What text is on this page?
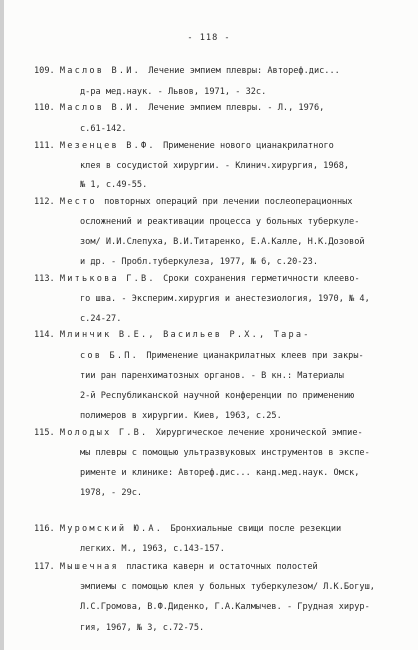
- 118 -
109. Маслов В.И. Лечение эмпием плевры: Автореф.дис...
д-ра мед.наук. - Львов, 1971, - 32с.
110. Маслов В.И. Лечение эмпием плевры. - Л., 1976,
с.61-142.
111. Мезенцев В.Ф. Применение нового цианакрилатного
клея в сосудистой хирургии. - Клинич.хирургия, 1968,
№ 1, с.49-55.
112. Место повторных операций при лечении послеоперационных
осложнений и реактивации процесса у больных туберкуле-
зом/ И.И.Слепуха, В.И.Титаренко, Е.А.Калле, Н.К.Дозовой
и др. - Пробл.туберкулеза, 1977, № 6, с.20-23.
113. Митькова Г.В. Сроки сохранения герметичности клеево-
го шва. - Эксперим.хирургия и анестезиология, 1970, № 4,
с.24-27.
114. Млинчик В.Е., Васильев Р.Х., Тара-
сов Б.П. Применение цианакрилатных клеев при закры-
тии ран паренхиматозных органов. - В кн.: Материалы
2-й Республиканской научной конференции по применению
полимеров в хирургии. Киев, 1963, с.25.
115. Молодых Г.В. Хирургическое лечение хронической эмпие-
мы плевры с помощью ультразвуковых инструментов в экспе-
рименте и клинике: Автореф.дис... канд.мед.наук. Омск,
1978, - 29с.
116. Муромский Ю.А. Бронхиальные свищи после резекции
легких. М., 1963, с.143-157.
117. Мышечная пластика каверн и остаточных полостей
эмпиемы с помощью клея у больных туберкулезом/ Л.К.Богуш,
Л.С.Громова, В.Ф.Диденко, Г.А.Калмычев. - Грудная хирур-
гия, 1967, № 3, с.72-75.
